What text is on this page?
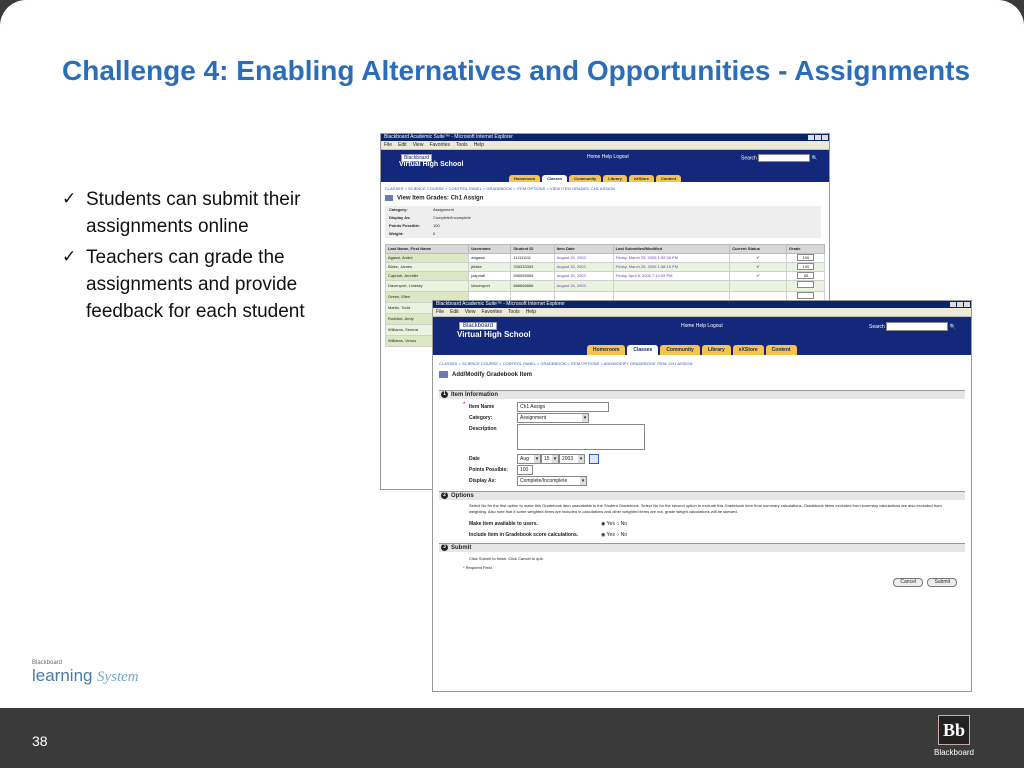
Challenge 4: Enabling Alternatives and Opportunities - Assignments
✓ Students can submit their assignments online
✓ Teachers can grade the assignments and provide feedback for each student
Blackboard Academic Suite™ - Microsoft Internet Explorer
File Edit View Favorites Tools Help
Blackboard
Virtual High School
Home Help Logout	Search	🔍
Homeroom	Classes	Community	Library	eXStore	Content
CLASSES > SCIENCE COURSE > CONTROL PANEL > GRADEBOOK > ITEM OPTIONS > VIEW ITEM GRADES: CH1 ASSIGN
View Item Grades: Ch1 Assign
Category:	Assignment
Display As:	Complete/Incomplete
Points Possible:	100
Weight:	0
Last Name, First Name	Username	Student ID	Item Date	Last Submitted/Modified	Current Status	Grade
Agassi, Andre	aagassi	111111111	August 15, 2003	Friday, March 25, 2005 1:52:36 PM	✔	100
Blake, James	jblake	333333333	August 15, 2003	Friday, March 25, 2005 1:58:16 PM	✔	100
Capriati, Jennifer	jcapriati	555555555	August 15, 2003	Friday, April 8, 2005 7:10:09 PM	✔	85
Davenport, Lindsay	ldavenport	666666666	August 15, 2003			
Green, Ellen						
Martin, Todd						
Roddick, Andy						
Williams, Serena						
Williams, Venus						
Blackboard Academic Suite™ - Microsoft Internet Explorer
File Edit View Favorites Tools Help
Blackboard
Virtual High School
Home Help Logout	Search	🔍
Homeroom	Classes	Community	Library	eXStore	Content
CLASSES > SCIENCE COURSE > CONTROL PANEL > GRADEBOOK > ITEM OPTIONS > ADD/MODIFY GRADEBOOK ITEM: CH1 ASSIGN
Add/Modify Gradebook Item
1 Item Information
* Item Name	Ch1 Assign
Category:	Assignment ▾
Description
Date	Aug ▾	15 ▾	2003 ▾
Points Possible:	100
Display As:	Complete/Incomplete ▾
2 Options
Select No for the first option to make this Gradebook item unavailable in the Student Gradebook. Select No for the second option to exclude this Gradebook item from summary calculations. Gradebook items excluded from summary calculations are also excluded from weighting. Also note that if some weighted items are included in calculations and other weighted items are not, grade weight calculations will be skewed.
Make item available to users.	◉ Yes ○ No
Include item in Gradebook score calculations.	◉ Yes ○ No
3 Submit
Click Submit to finish. Click Cancel to quit.
* Required Field
Cancel	Submit
Blackboard
learning System
38
Bb
Blackboard
